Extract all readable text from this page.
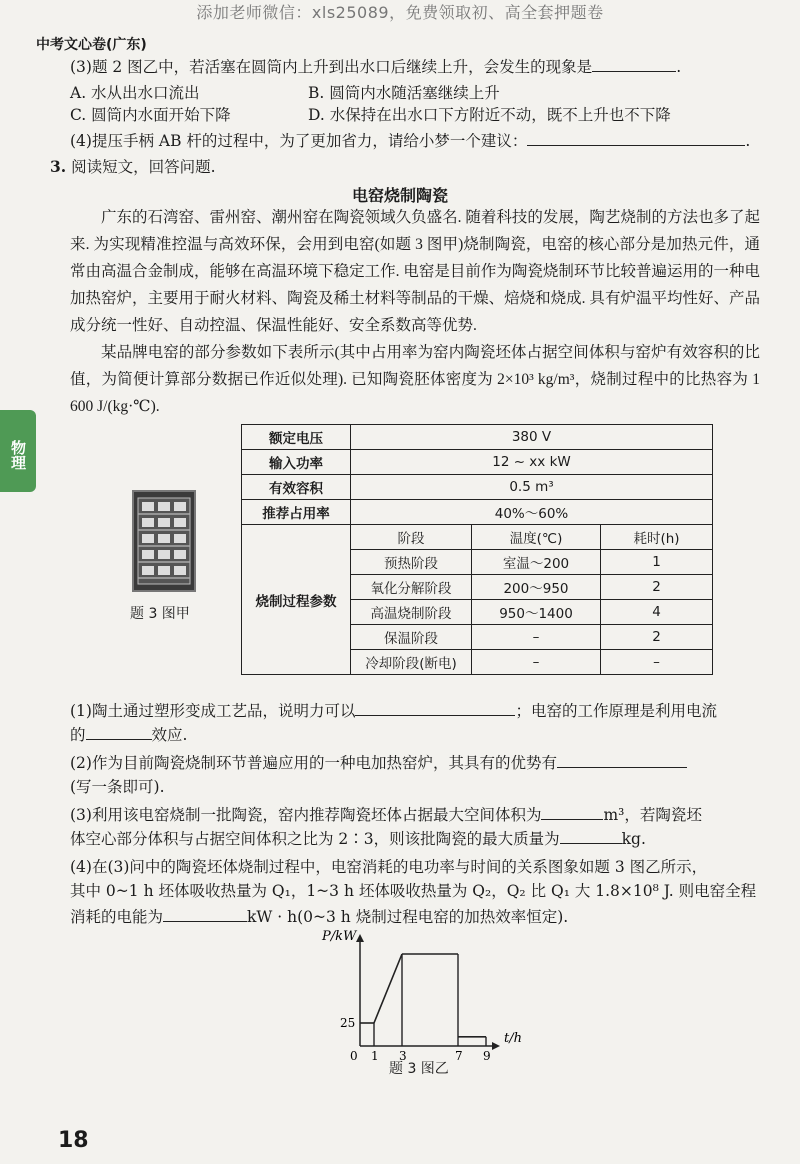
添加老师微信：xls25089，免费领取初、高全套押题卷
中考文心卷(广东)
物理
(3)题 2 图乙中，若活塞在圆筒内上升到出水口后继续上升，会发生的现象是	.
A. 水从出水口流出	B. 圆筒内水随活塞继续上升
C. 圆筒内水面开始下降	D. 水保持在出水口下方附近不动，既不上升也不下降
(4)提压手柄 AB 杆的过程中，为了更加省力，请给小梦一个建议：	.
3. 阅读短文，回答问题.
电窑烧制陶瓷
广东的石湾窑、雷州窑、潮州窑在陶瓷领域久负盛名. 随着科技的发展，陶艺烧制的方法也多了起来. 为实现精准控温与高效环保，会用到电窑(如题 3 图甲)烧制陶瓷，电窑的核心部分是加热元件，通常由高温合金制成，能够在高温环境下稳定工作. 电窑是目前作为陶瓷烧制环节比较普遍运用的一种电加热窑炉，主要用于耐火材料、陶瓷及稀土材料等制品的干燥、焙烧和烧成. 具有炉温平均性好、产品成分统一性好、自动控温、保温性能好、安全系数高等优势.
某品牌电窑的部分参数如下表所示(其中占用率为窑内陶瓷坯体占据空间体积与窑炉有效容积的比值，为简便计算部分数据已作近似处理). 已知陶瓷胚体密度为 2×10³ kg/m³，烧制过程中的比热容为 1 600 J/(kg·℃).
题 3 图甲
额定电压	380 V		
输入功率	12 ~ xx kW		
有效容积	0.5 m³		
推荐占用率	40%～60%		
烧制过程参数	阶段	温度(℃)	耗时(h)
	预热阶段	室温～200	1
	氧化分解阶段	200～950	2
	高温烧制阶段	950～1400	4
	保温阶段	–	2
	冷却阶段(断电)	–	–
(1)陶土通过塑形变成工艺品，说明力可以	；电窑的工作原理是利用电流
的	效应.
(2)作为目前陶瓷烧制环节普遍应用的一种电加热窑炉，其具有的优势有
(写一条即可).
(3)利用该电窑烧制一批陶瓷，窑内推荐陶瓷坯体占据最大空间体积为	m³，若陶瓷坯
体空心部分体积与占据空间体积之比为 2∶3，则该批陶瓷的最大质量为	kg.
(4)在(3)问中的陶瓷坯体烧制过程中，电窑消耗的电功率与时间的关系图象如题 3 图乙所示，
其中 0~1 h 坯体吸收热量为 Q₁，1~3 h 坯体吸收热量为 Q₂，Q₂ 比 Q₁ 大 1.8×10⁸ J. 则电窑全程
消耗的电能为	kW · h(0~3 h 烧制过程电窑的加热效率恒定).
P/kW
t/h
0 1 3	7 9
25
题 3 图乙
18
